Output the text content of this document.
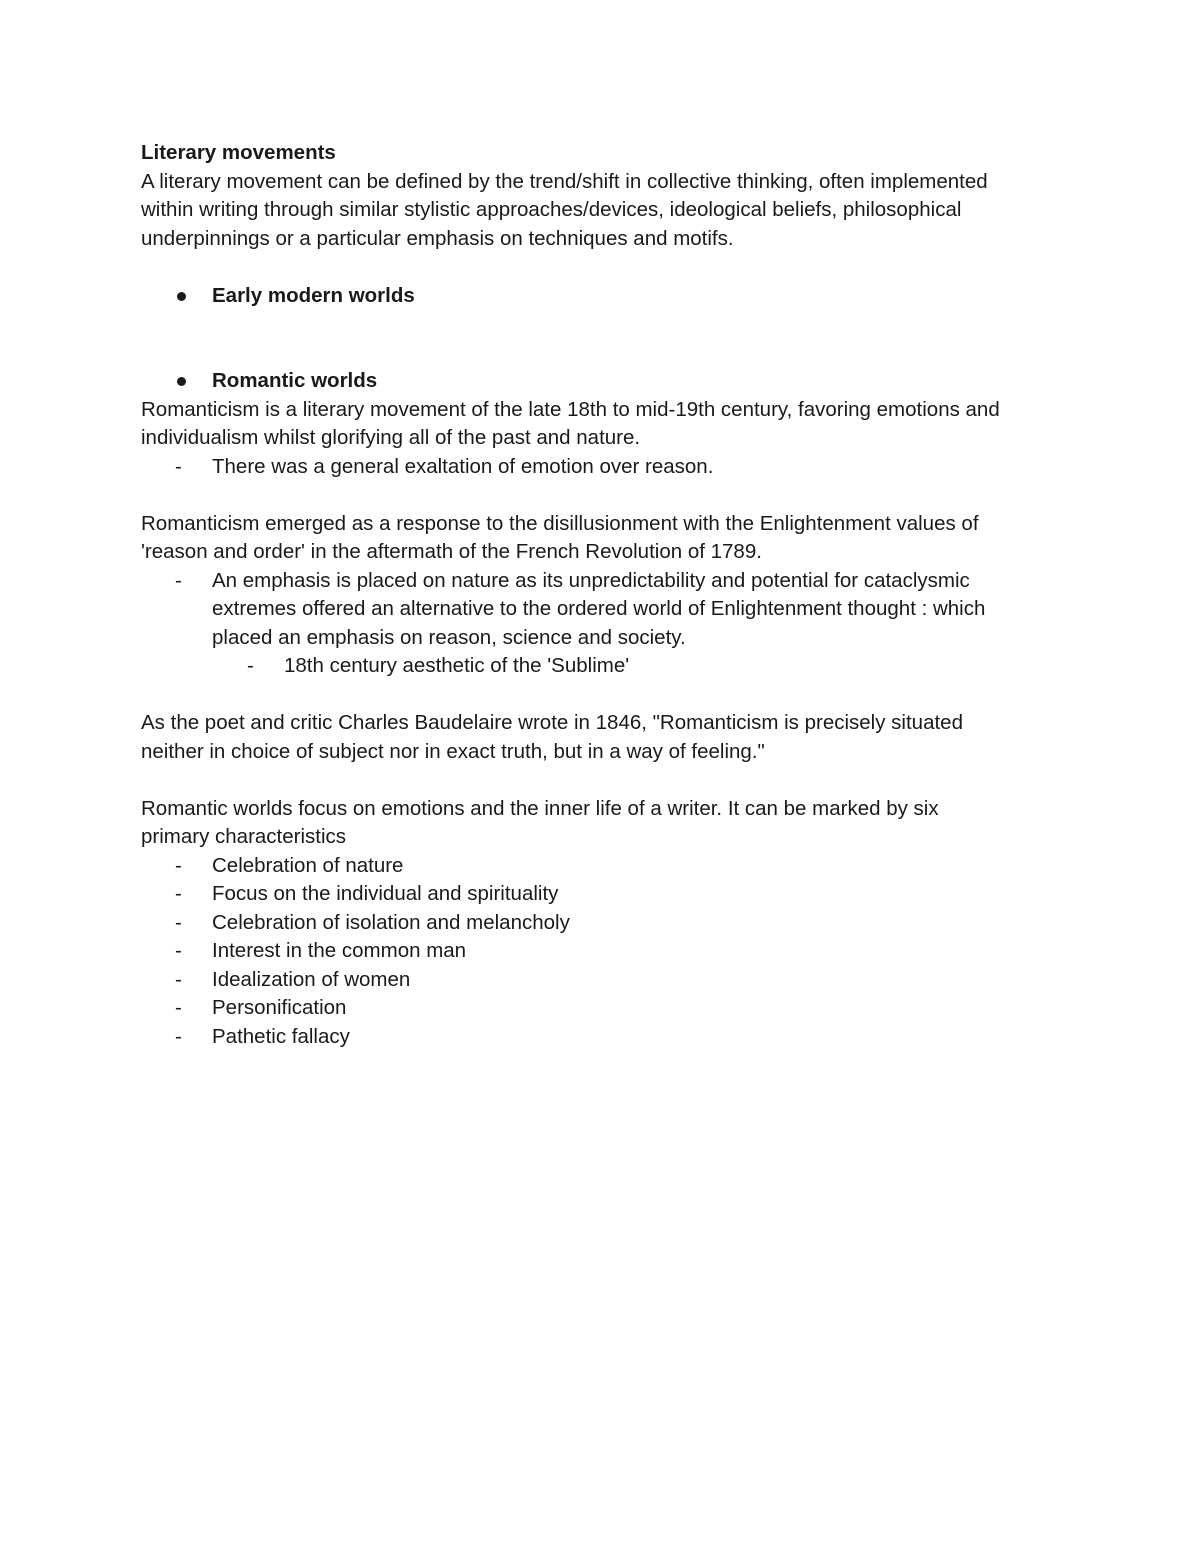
Literary movements
A literary movement can be defined by the trend/shift in collective thinking, often implemented
within writing through similar stylistic approaches/devices, ideological beliefs, philosophical
underpinnings or a particular emphasis on techniques and motifs.
Early modern worlds
Romantic worlds
Romanticism is a literary movement of the late 18th to mid-19th century, favoring emotions and
individualism whilst glorifying all of the past and nature.
- There was a general exaltation of emotion over reason.
Romanticism emerged as a response to the disillusionment with the Enlightenment values of
'reason and order' in the aftermath of the French Revolution of 1789.
- An emphasis is placed on nature as its unpredictability and potential for cataclysmic
extremes offered an alternative to the ordered world of Enlightenment thought : which
placed an emphasis on reason, science and society.
- 18th century aesthetic of the 'Sublime'
As the poet and critic Charles Baudelaire wrote in 1846, "Romanticism is precisely situated
neither in choice of subject nor in exact truth, but in a way of feeling."
Romantic worlds focus on emotions and the inner life of a writer. It can be marked by six
primary characteristics
- Celebration of nature
- Focus on the individual and spirituality
- Celebration of isolation and melancholy
- Interest in the common man
- Idealization of women
- Personification
- Pathetic fallacy
